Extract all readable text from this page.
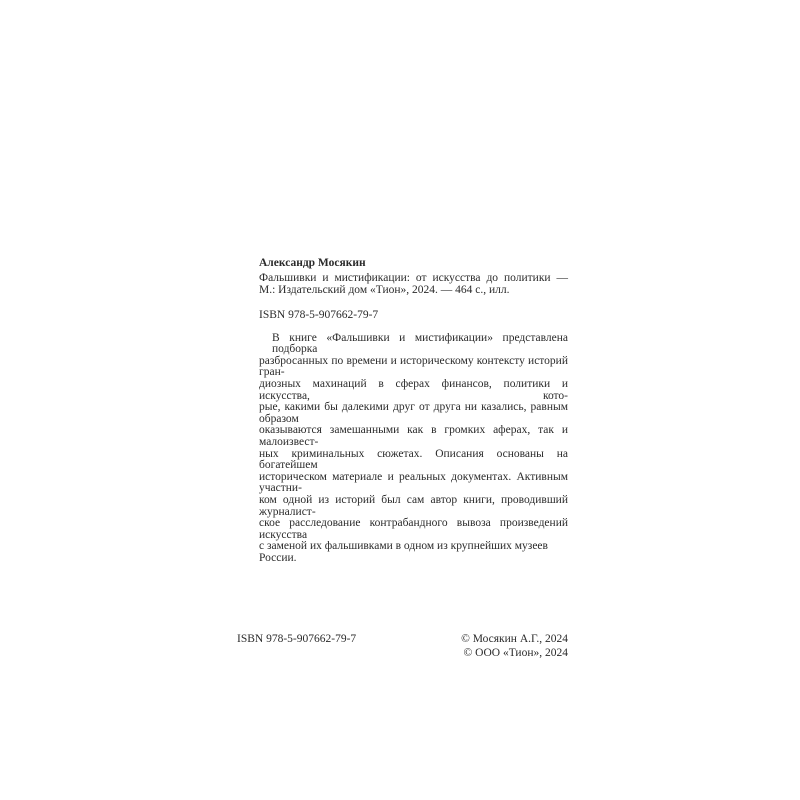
Александр Мосякин
Фальшивки и мистификации: от искусства до политики —
М.: Издательский дом «Тион», 2024. — 464 с., илл.
ISBN 978-5-907662-79-7
В книге «Фальшивки и мистификации» представлена подборка
разбросанных по времени и историческому контексту историй гран-
диозных махинаций в сферах финансов, политики и искусства, кото-
рые, какими бы далекими друг от друга ни казались, равным образом
оказываются замешанными как в громких аферах, так и малоизвест-
ных криминальных сюжетах. Описания основаны на богатейшем
историческом материале и реальных документах. Активным участни-
ком одной из историй был сам автор книги, проводивший журналист-
ское расследование контрабандного вывоза произведений искусства
с заменой их фальшивками в одном из крупнейших музеев России.
ISBN 978-5-907662-79-7	© Мосякин А.Г., 2024
© ООО «Тион», 2024
